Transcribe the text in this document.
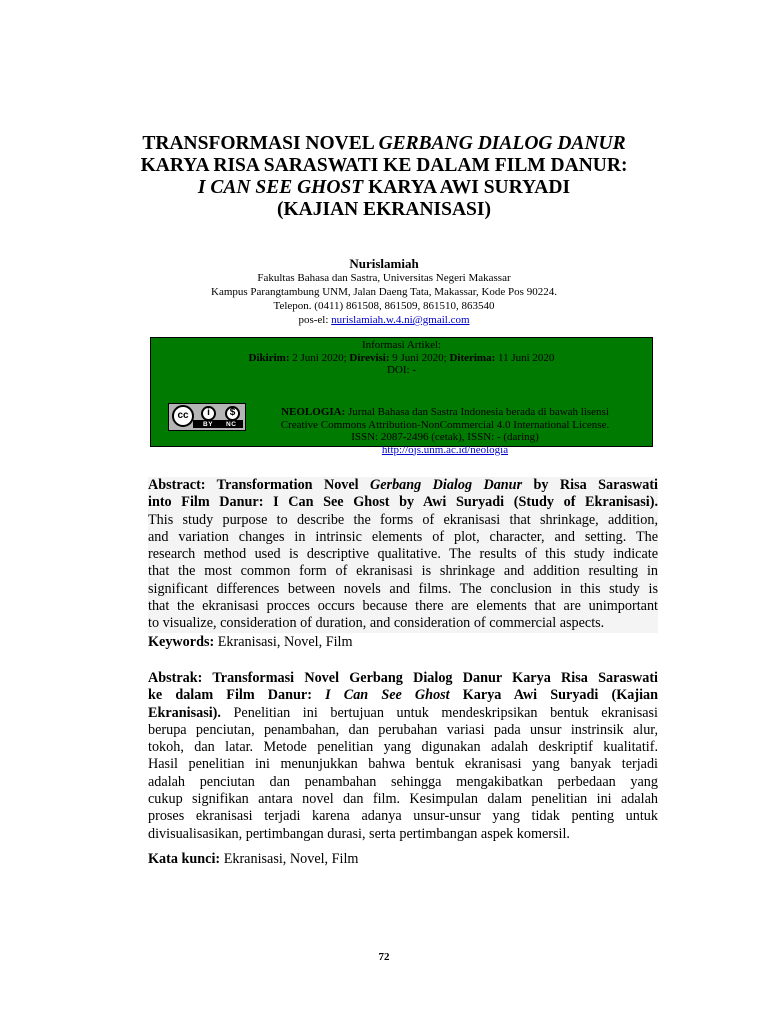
TRANSFORMASI NOVEL GERBANG DIALOG DANUR
KARYA RISA SARASWATI KE DALAM FILM DANUR:
I CAN SEE GHOST KARYA AWI SURYADI
(KAJIAN EKRANISASI)
Nurislamiah
Fakultas Bahasa dan Sastra, Universitas Negeri Makassar
Kampus Parangtambung UNM, Jalan Daeng Tata, Makassar, Kode Pos 90224.
Telepon. (0411) 861508, 861509, 861510, 863540
pos-el: nurislamiah.w.4.ni@gmail.com
Informasi Artikel:
Dikirim: 2 Juni 2020; Direvisi: 9 Juni 2020; Diterima: 11 Juni 2020
DOI: -
cc	i	$
BY NC
NEOLOGIA: Jurnal Bahasa dan Sastra Indonesia berada di bawah lisensi
Creative Commons Attribution-NonCommercial 4.0 International License.
ISSN: 2087-2496 (cetak), ISSN: - (daring)
http://ojs.unm.ac.id/neologia
Abstract: Transformation Novel Gerbang Dialog Danur by Risa Saraswati
into Film Danur: I Can See Ghost by Awi Suryadi (Study of Ekranisasi).
This study purpose to describe the forms of ekranisasi that shrinkage, addition,
and variation changes in intrinsic elements of plot, character, and setting. The
research method used is descriptive qualitative. The results of this study indicate
that the most common form of ekranisasi is shrinkage and addition resulting in
significant differences between novels and films. The conclusion in this study is
that the ekranisasi procces occurs because there are elements that are unimportant
to visualize, consideration of duration, and consideration of commercial aspects.
Keywords: Ekranisasi, Novel, Film
Abstrak: Transformasi Novel Gerbang Dialog Danur Karya Risa Saraswati
ke dalam Film Danur: I Can See Ghost Karya Awi Suryadi (Kajian
Ekranisasi). Penelitian ini bertujuan untuk mendeskripsikan bentuk ekranisasi
berupa penciutan, penambahan, dan perubahan variasi pada unsur instrinsik alur,
tokoh, dan latar. Metode penelitian yang digunakan adalah deskriptif kualitatif.
Hasil penelitian ini menunjukkan bahwa bentuk ekranisasi yang banyak terjadi
adalah penciutan dan penambahan sehingga mengakibatkan perbedaan yang
cukup signifikan antara novel dan film. Kesimpulan dalam penelitian ini adalah
proses ekranisasi terjadi karena adanya unsur-unsur yang tidak penting untuk
divisualisasikan, pertimbangan durasi, serta pertimbangan aspek komersil.
Kata kunci: Ekranisasi, Novel, Film
72
